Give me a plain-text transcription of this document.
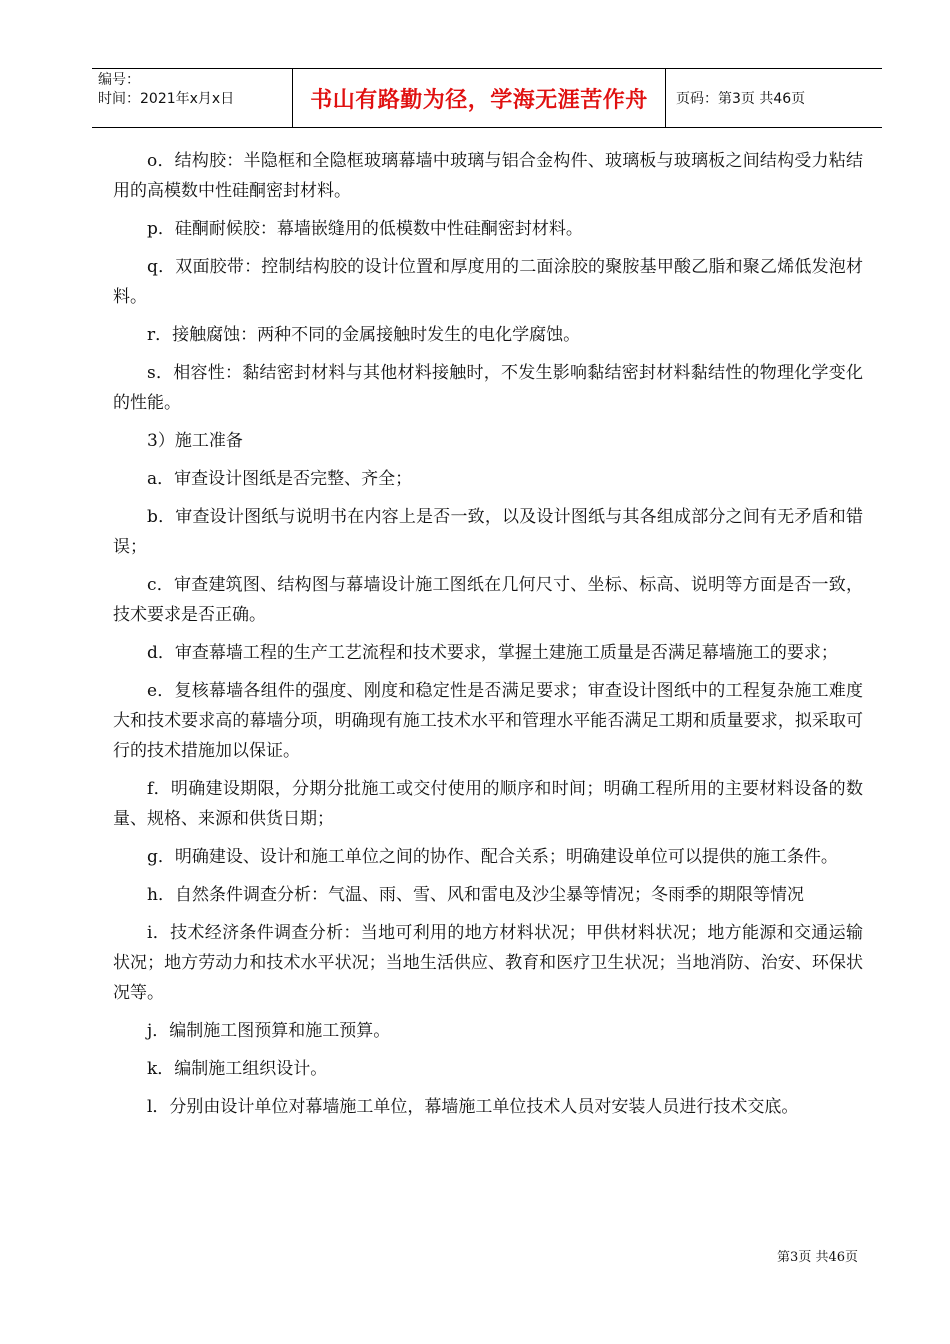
编号：
时间：2021年x月x日	书山有路勤为径，学海无涯苦作舟	页码：第3页 共46页

o．结构胶：半隐框和全隐框玻璃幕墙中玻璃与铝合金构件、玻璃板与玻璃板之间结构受力粘结用的高模数中性硅酮密封材料。

p．硅酮耐候胶：幕墙嵌缝用的低模数中性硅酮密封材料。

q．双面胶带：控制结构胶的设计位置和厚度用的二面涂胶的聚胺基甲酸乙脂和聚乙烯低发泡材料。

r．接触腐蚀：两种不同的金属接触时发生的电化学腐蚀。

s．相容性：黏结密封材料与其他材料接触时，不发生影响黏结密封材料黏结性的物理化学变化的性能。

3）施工准备

a．审查设计图纸是否完整、齐全；

b．审查设计图纸与说明书在内容上是否一致，以及设计图纸与其各组成部分之间有无矛盾和错误；

c．审查建筑图、结构图与幕墙设计施工图纸在几何尺寸、坐标、标高、说明等方面是否一致，技术要求是否正确。

d．审查幕墙工程的生产工艺流程和技术要求，掌握土建施工质量是否满足幕墙施工的要求；

e．复核幕墙各组件的强度、刚度和稳定性是否满足要求；审查设计图纸中的工程复杂施工难度大和技术要求高的幕墙分项，明确现有施工技术水平和管理水平能否满足工期和质量要求，拟采取可行的技术措施加以保证。

f．明确建设期限，分期分批施工或交付使用的顺序和时间；明确工程所用的主要材料设备的数量、规格、来源和供货日期；

g．明确建设、设计和施工单位之间的协作、配合关系；明确建设单位可以提供的施工条件。

h．自然条件调查分析：气温、雨、雪、风和雷电及沙尘暴等情况；冬雨季的期限等情况

i．技术经济条件调查分析：当地可利用的地方材料状况；甲供材料状况；地方能源和交通运输状况；地方劳动力和技术水平状况；当地生活供应、教育和医疗卫生状况；当地消防、治安、环保状况等。

j．编制施工图预算和施工预算。

k．编制施工组织设计。

l．分别由设计单位对幕墙施工单位，幕墙施工单位技术人员对安装人员进行技术交底。

第3页 共46页
